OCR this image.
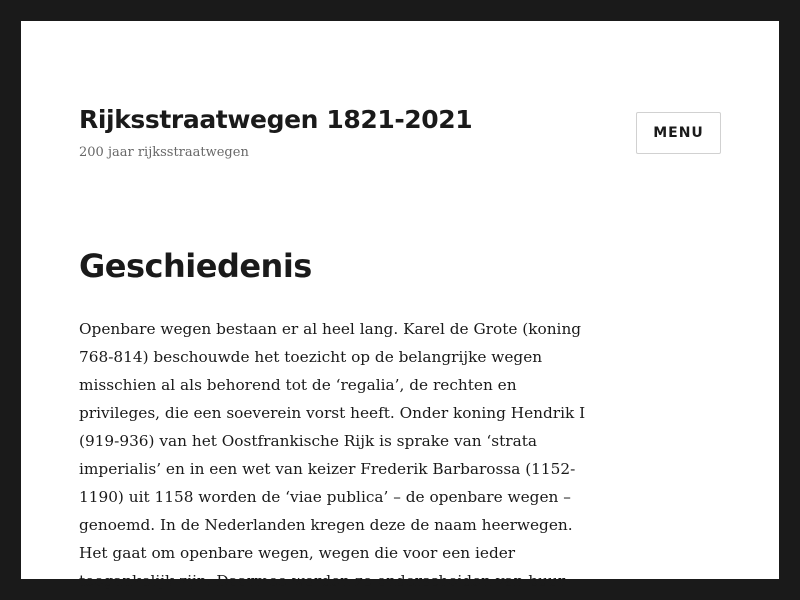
Rijksstraatwegen 1821-2021

200 jaar rijksstraatwegen

MENU
Geschiedenis

Openbare wegen bestaan er al heel lang. Karel de Grote (koning
768-814) beschouwde het toezicht op de belangrijke wegen
misschien al als behorend tot de ‘regalia’, de rechten en
privileges, die een soeverein vorst heeft. Onder koning Hendrik I
(919-936) van het Oostfrankische Rijk is sprake van ‘strata
imperialis’ en in een wet van keizer Frederik Barbarossa (1152-
1190) uit 1158 worden de ‘viae publica’ – de openbare wegen –
genoemd. In de Nederlanden kregen deze de naam heerwegen.
Het gaat om openbare wegen, wegen die voor een ieder
toegankelijk zijn. Daarmee worden ze onderscheiden van buur-
